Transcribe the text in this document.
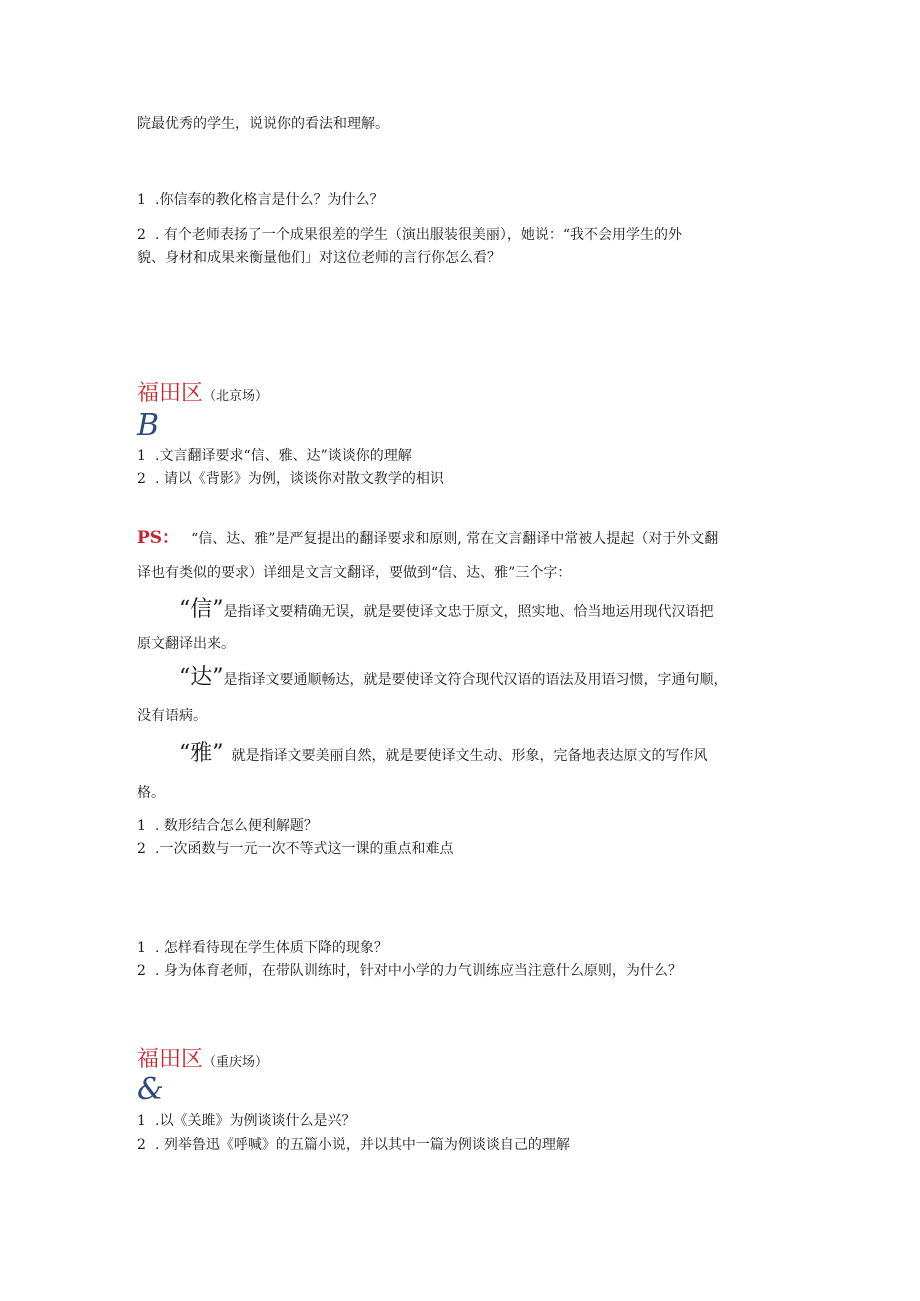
院最优秀的学生，说说你的看法和理解。
1 .你信奉的教化格言是什么？为什么？
2 . 有个老师表扬了一个成果很差的学生（演出服装很美丽），她说：“我不会用学生的外
貌、身材和成果来衡量他们」对这位老师的言行你怎么看？
福田区（北京场）
B
1 .文言翻译要求“信、雅、达”谈谈你的理解
2 . 请以《背影》为例，谈谈你对散文教学的相识
PS： “信、达、雅”是严复提出的翻译要求和原则, 常在文言翻译中常被人提起（对于外文翻
译也有类似的要求）详细是文言文翻译，要做到“信、达、雅”三个字：
“信”是指译文要精确无误，就是要使译文忠于原文，照实地、恰当地运用现代汉语把
原文翻译出来。
“达”是指译文要通顺畅达，就是要使译文符合现代汉语的语法及用语习惯，字通句顺，
没有语病。
“雅” 就是指译文要美丽自然，就是要使译文生动、形象，完备地表达原文的写作风
格。
1 . 数形结合怎么便利解题？
2 .一次函数与一元一次不等式这一课的重点和难点
1 . 怎样看待现在学生体质下降的现象？
2 . 身为体育老师，在带队训练时，针对中小学的力气训练应当注意什么原则，为什么？
福田区（重庆场）
&
1 .以《关雎》为例谈谈什么是兴？
2 . 列举鲁迅《呼喊》的五篇小说，并以其中一篇为例谈谈自己的理解
